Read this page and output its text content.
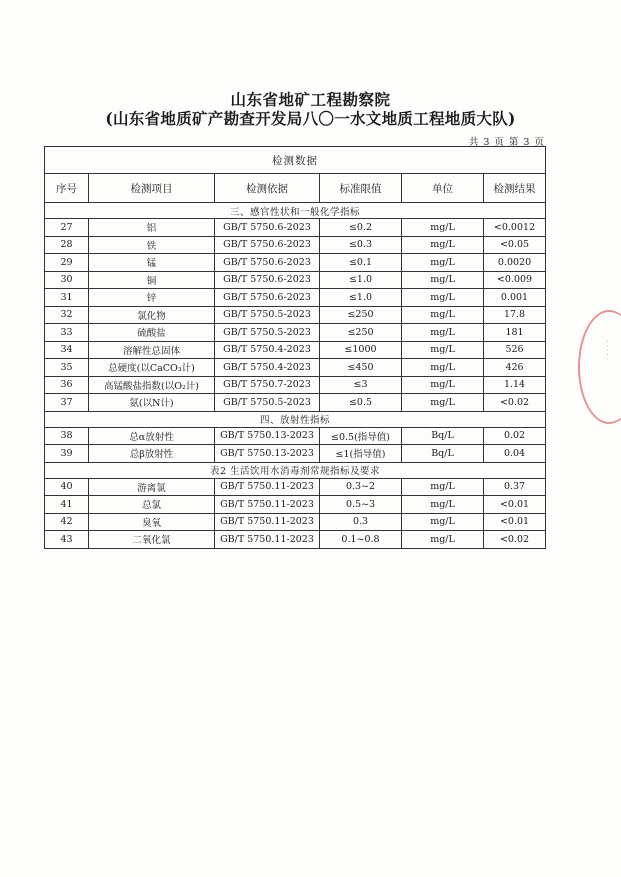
山东省地矿工程勘察院
(山东省地质矿产勘查开发局八〇一水文地质工程地质大队)
共 3 页 第 3 页
检测数据					
序号	检测项目	检测依据	标准限值	单位	检测结果
三、感官性状和一般化学指标					
27	铝	GB/T 5750.6-2023	≤0.2	mg/L	<0.0012
28	铁	GB/T 5750.6-2023	≤0.3	mg/L	<0.05
29	锰	GB/T 5750.6-2023	≤0.1	mg/L	0.0020
30	铜	GB/T 5750.6-2023	≤1.0	mg/L	<0.009
31	锌	GB/T 5750.6-2023	≤1.0	mg/L	0.001
32	氯化物	GB/T 5750.5-2023	≤250	mg/L	17.8
33	硫酸盐	GB/T 5750.5-2023	≤250	mg/L	181
34	溶解性总固体	GB/T 5750.4-2023	≤1000	mg/L	526
35	总硬度(以CaCO₃计)	GB/T 5750.4-2023	≤450	mg/L	426
36	高锰酸盐指数(以O₂计)	GB/T 5750.7-2023	≤3	mg/L	1.14
37	氨(以N计)	GB/T 5750.5-2023	≤0.5	mg/L	<0.02
四、放射性指标					
38	总α放射性	GB/T 5750.13-2023	≤0.5(指导值)	Bq/L	0.02
39	总β放射性	GB/T 5750.13-2023	≤1(指导值)	Bq/L	0.04
表2 生活饮用水消毒剂常规指标及要求					
40	游离氯	GB/T 5750.11-2023	0.3~2	mg/L	0.37
41	总氯	GB/T 5750.11-2023	0.5~3	mg/L	<0.01
42	臭氧	GB/T 5750.11-2023	0.3	mg/L	<0.01
43	二氧化氯	GB/T 5750.11-2023	0.1~0.8	mg/L	<0.02
· · · · ·
